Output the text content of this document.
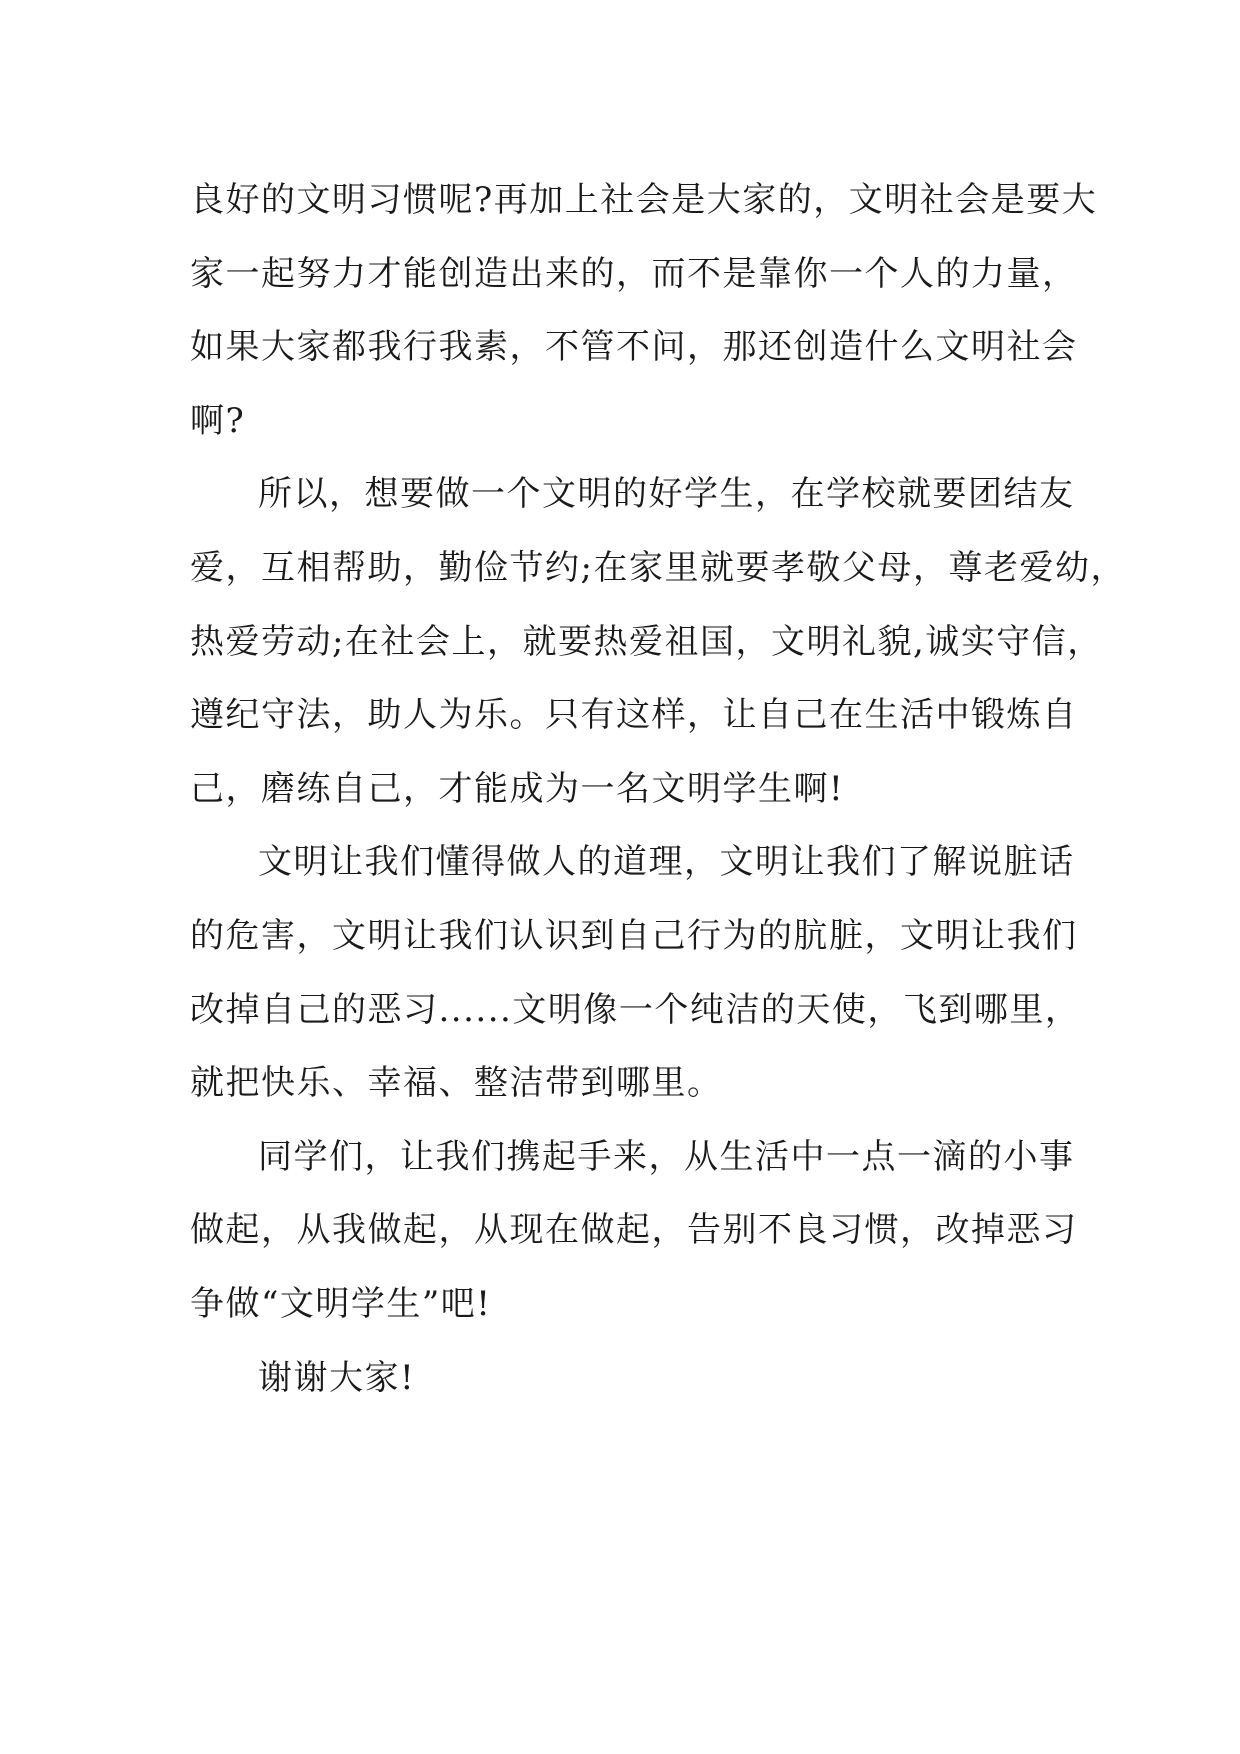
良好的文明习惯呢?再加上社会是大家的，文明社会是要大
家一起努力才能创造出来的，而不是靠你一个人的力量，
如果大家都我行我素，不管不问，那还创造什么文明社会
啊?
所以，想要做一个文明的好学生，在学校就要团结友
爱，互相帮助，勤俭节约;在家里就要孝敬父母，尊老爱幼，
热爱劳动;在社会上，就要热爱祖国，文明礼貌,诚实守信，
遵纪守法，助人为乐。只有这样，让自己在生活中锻炼自
己，磨练自己，才能成为一名文明学生啊!
文明让我们懂得做人的道理，文明让我们了解说脏话
的危害，文明让我们认识到自己行为的肮脏，文明让我们
改掉自己的恶习......文明像一个纯洁的天使，飞到哪里，
就把快乐、幸福、整洁带到哪里。
同学们，让我们携起手来，从生活中一点一滴的小事
做起，从我做起，从现在做起，告别不良习惯，改掉恶习
争做“文明学生”吧!
谢谢大家!
